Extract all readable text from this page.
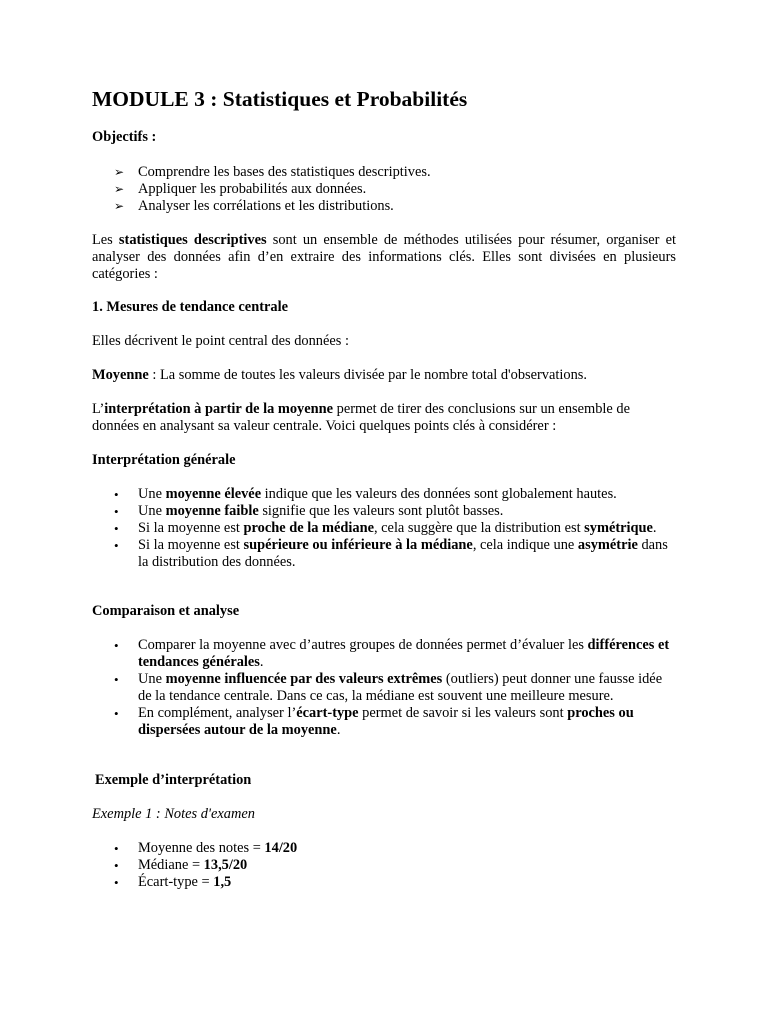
MODULE 3 : Statistiques et Probabilités

Objectifs :

➢ Comprendre les bases des statistiques descriptives.
➢ Appliquer les probabilités aux données.
➢ Analyser les corrélations et les distributions.

Les statistiques descriptives sont un ensemble de méthodes utilisées pour résumer, organiser et analyser des données afin d’en extraire des informations clés. Elles sont divisées en plusieurs catégories :

1. Mesures de tendance centrale

Elles décrivent le point central des données :

Moyenne : La somme de toutes les valeurs divisée par le nombre total d'observations.

L’interprétation à partir de la moyenne permet de tirer des conclusions sur un ensemble de données en analysant sa valeur centrale. Voici quelques points clés à considérer :

Interprétation générale

•	Une moyenne élevée indique que les valeurs des données sont globalement hautes.
•	Une moyenne faible signifie que les valeurs sont plutôt basses.
•	Si la moyenne est proche de la médiane, cela suggère que la distribution est symétrique.
•	Si la moyenne est supérieure ou inférieure à la médiane, cela indique une asymétrie dans la distribution des données.

Comparaison et analyse

•	Comparer la moyenne avec d’autres groupes de données permet d’évaluer les différences et tendances générales.
•	Une moyenne influencée par des valeurs extrêmes (outliers) peut donner une fausse idée de la tendance centrale. Dans ce cas, la médiane est souvent une meilleure mesure.
•	En complément, analyser l’écart-type permet de savoir si les valeurs sont proches ou dispersées autour de la moyenne.

Exemple d’interprétation

Exemple 1 : Notes d'examen

•	Moyenne des notes = 14/20
•	Médiane = 13,5/20
•	Écart-type = 1,5
